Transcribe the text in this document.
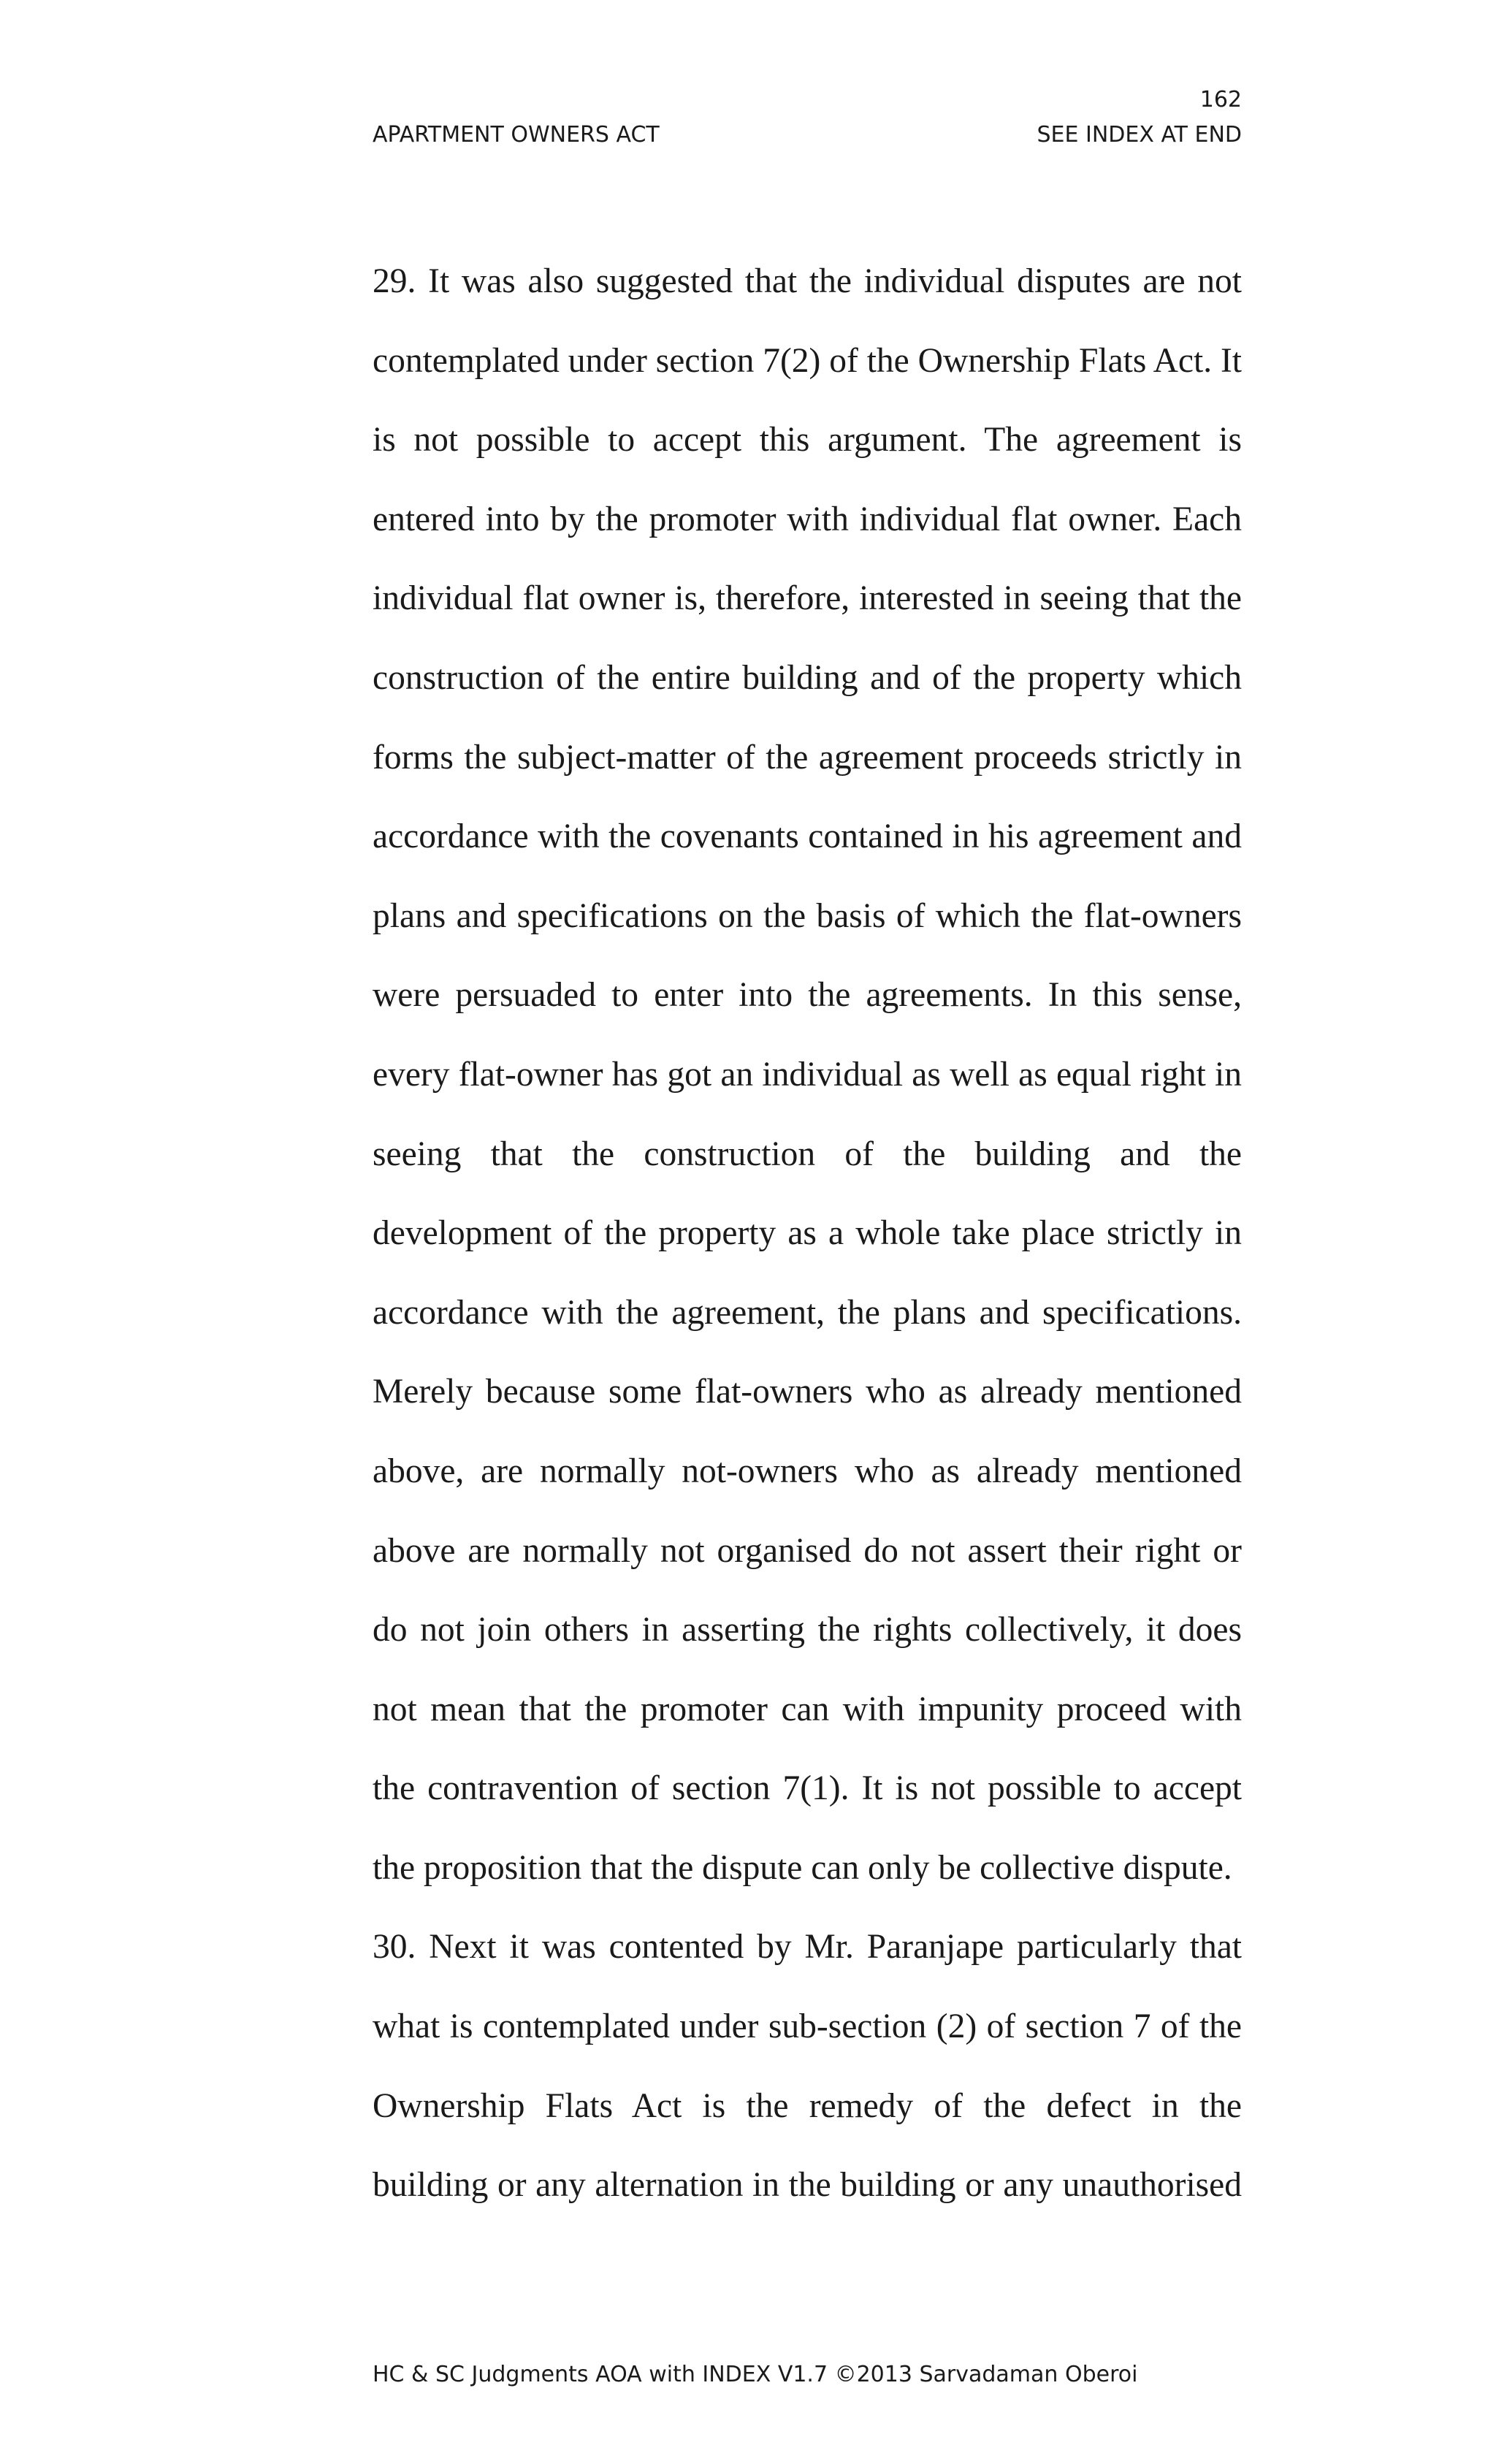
162
APARTMENT OWNERS ACT	SEE INDEX AT END
29. It was also suggested that the individual disputes are not
contemplated under section 7(2) of the Ownership Flats Act. It
is not possible to accept this argument. The agreement is
entered into by the promoter with individual flat owner. Each
individual flat owner is, therefore, interested in seeing that the
construction of the entire building and of the property which
forms the subject-matter of the agreement proceeds strictly in
accordance with the covenants contained in his agreement and
plans and specifications on the basis of which the flat-owners
were persuaded to enter into the agreements. In this sense,
every flat-owner has got an individual as well as equal right in
seeing that the construction of the building and the
development of the property as a whole take place strictly in
accordance with the agreement, the plans and specifications.
Merely because some flat-owners who as already mentioned
above, are normally not-owners who as already mentioned
above are normally not organised do not assert their right or
do not join others in asserting the rights collectively, it does
not mean that the promoter can with impunity proceed with
the contravention of section 7(1). It is not possible to accept
the proposition that the dispute can only be collective dispute.
30. Next it was contented by Mr. Paranjape particularly that
what is contemplated under sub-section (2) of section 7 of the
Ownership Flats Act is the remedy of the defect in the
building or any alternation in the building or any unauthorised
HC & SC Judgments AOA with INDEX V1.7 ©2013 Sarvadaman Oberoi
